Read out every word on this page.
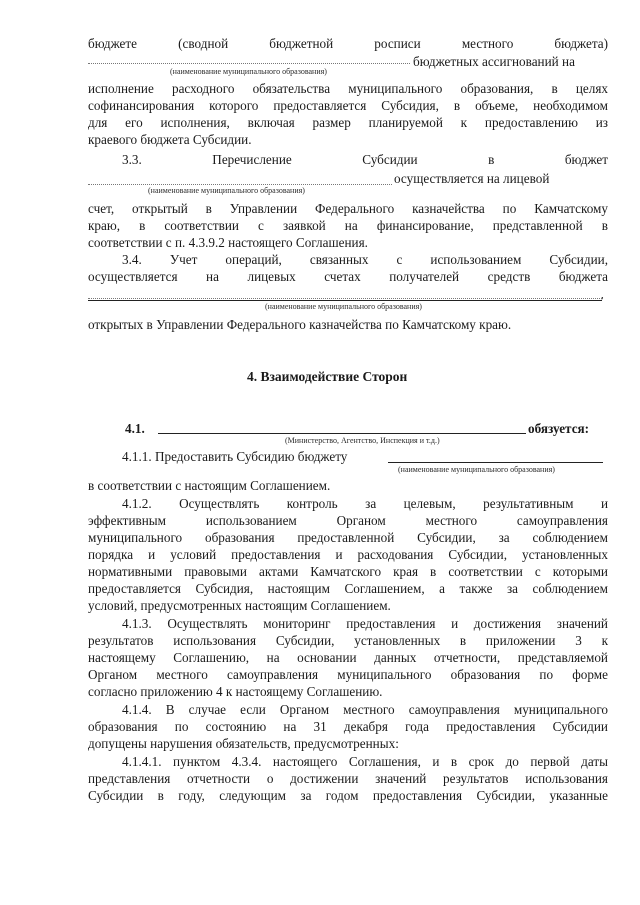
бюджете (сводной бюджетной росписи местного бюджета)
бюджетных ассигнований на
(наименование муниципального образования)
исполнение расходного обязательства муниципального образования, в целях
софинансирования которого предоставляется Субсидия, в объеме, необходимом
для его исполнения, включая размер планируемой к предоставлению из
краевого бюджета Субсидии.
3.3. Перечисление Субсидии в бюджет
осуществляется на лицевой
(наименование муниципального образования)
счет, открытый в Управлении Федерального казначейства по Камчатскому
краю, в соответствии с заявкой на финансирование, представленной в
соответствии с п. 4.3.9.2 настоящего Соглашения.
3.4. Учет операций, связанных с использованием Субсидии,
осуществляется на лицевых счетах получателей средств бюджета
,
(наименование муниципального образования)
открытых в Управлении Федерального казначейства по Камчатскому краю.
4. Взаимодействие Сторон
4.1.	обязуется:
(Министерство, Агентство, Инспекция и т.д.)
4.1.1. Предоставить Субсидию бюджету
(наименование муниципального образования)
в соответствии с настоящим Соглашением.
4.1.2. Осуществлять контроль за целевым, результативным и
эффективным использованием Органом местного самоуправления
муниципального образования предоставленной Субсидии, за соблюдением
порядка и условий предоставления и расходования Субсидии, установленных
нормативными правовыми актами Камчатского края в соответствии с которыми
предоставляется Субсидия, настоящим Соглашением, а также за соблюдением
условий, предусмотренных настоящим Соглашением.
4.1.3. Осуществлять мониторинг предоставления и достижения значений
результатов использования Субсидии, установленных в приложении 3 к
настоящему Соглашению, на основании данных отчетности, представляемой
Органом местного самоуправления муниципального образования по форме
согласно приложению 4 к настоящему Соглашению.
4.1.4. В случае если Органом местного самоуправления муниципального
образования по состоянию на 31 декабря года предоставления Субсидии
допущены нарушения обязательств, предусмотренных:
4.1.4.1. пунктом 4.3.4. настоящего Соглашения, и в срок до первой даты
представления отчетности о достижении значений результатов использования
Субсидии в году, следующим за годом предоставления Субсидии, указанные
